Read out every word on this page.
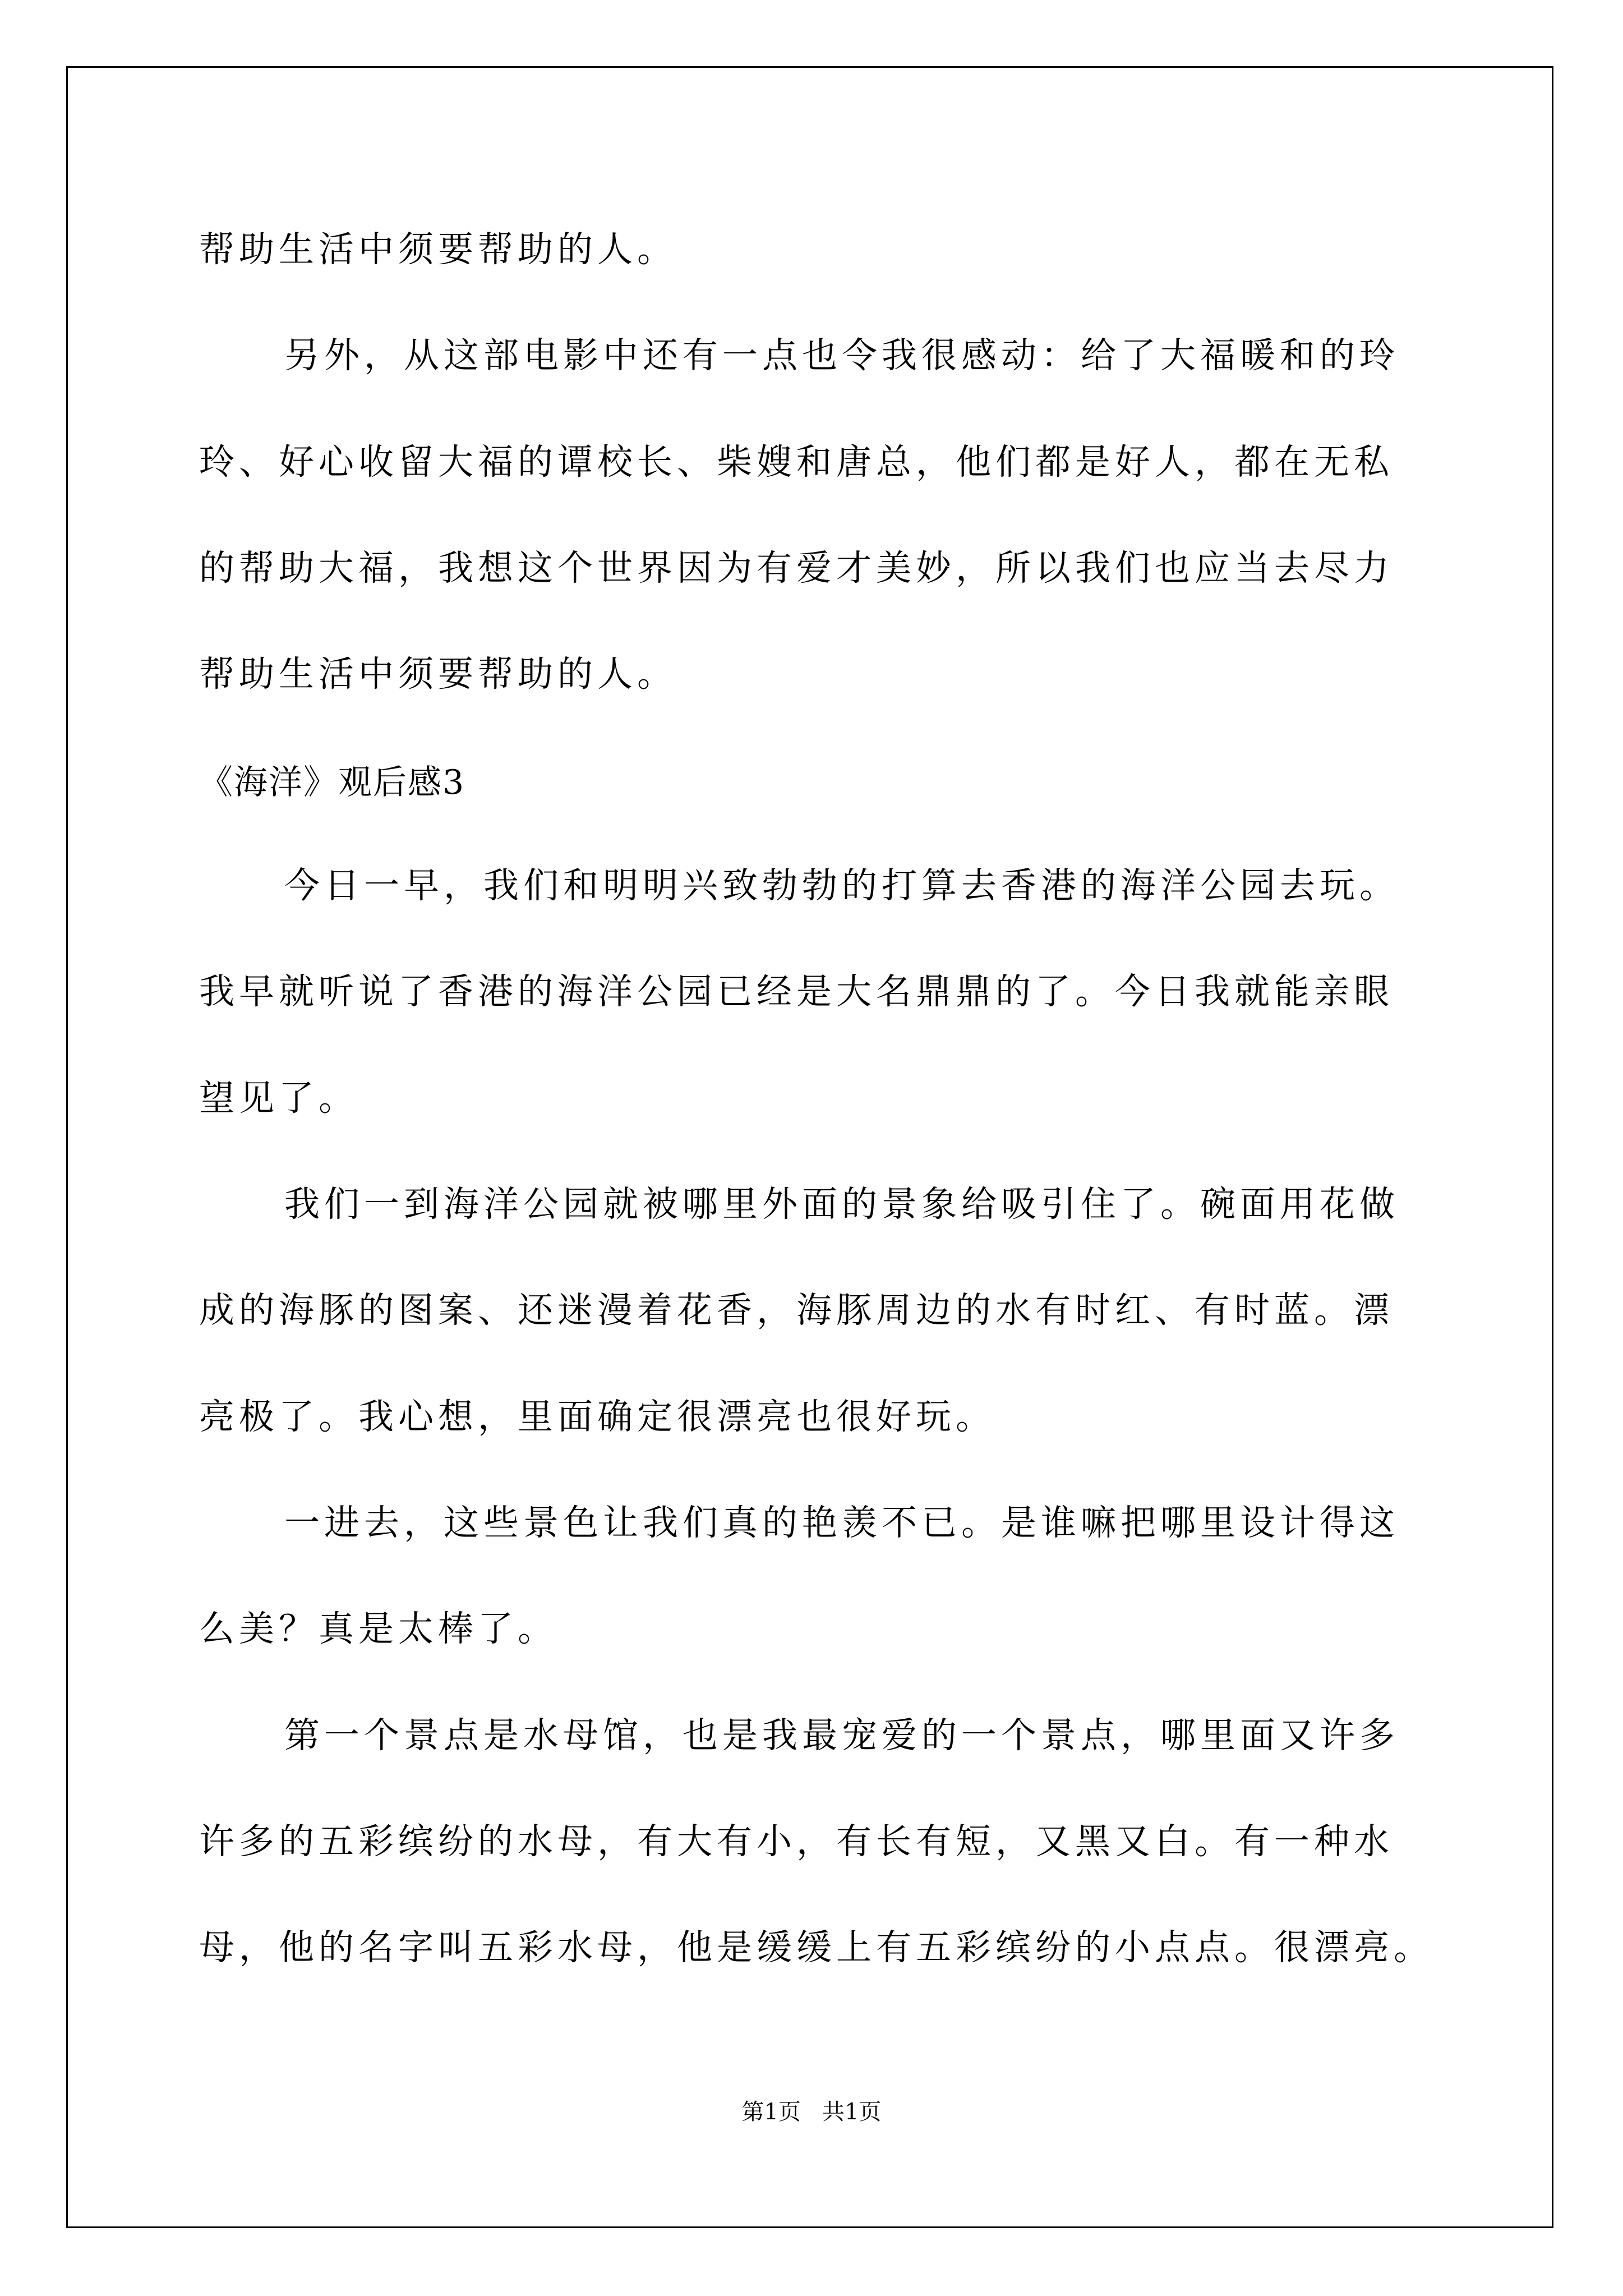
帮助生活中须要帮助的人。
另外，从这部电影中还有一点也令我很感动：给了大福暖和的玲
玲、好心收留大福的谭校长、柴嫂和唐总，他们都是好人，都在无私
的帮助大福，我想这个世界因为有爱才美妙，所以我们也应当去尽力
帮助生活中须要帮助的人。
《海洋》观后感3
今日一早，我们和明明兴致勃勃的打算去香港的海洋公园去玩。
我早就听说了香港的海洋公园已经是大名鼎鼎的了。今日我就能亲眼
望见了。
我们一到海洋公园就被哪里外面的景象给吸引住了。碗面用花做
成的海豚的图案、还迷漫着花香，海豚周边的水有时红、有时蓝。漂
亮极了。我心想，里面确定很漂亮也很好玩。
一进去，这些景色让我们真的艳羡不已。是谁嘛把哪里设计得这
么美？真是太棒了。
第一个景点是水母馆，也是我最宠爱的一个景点，哪里面又许多
许多的五彩缤纷的水母，有大有小，有长有短，又黑又白。有一种水
母，他的名字叫五彩水母，他是缓缓上有五彩缤纷的小点点。很漂亮。
第1页   共1页
